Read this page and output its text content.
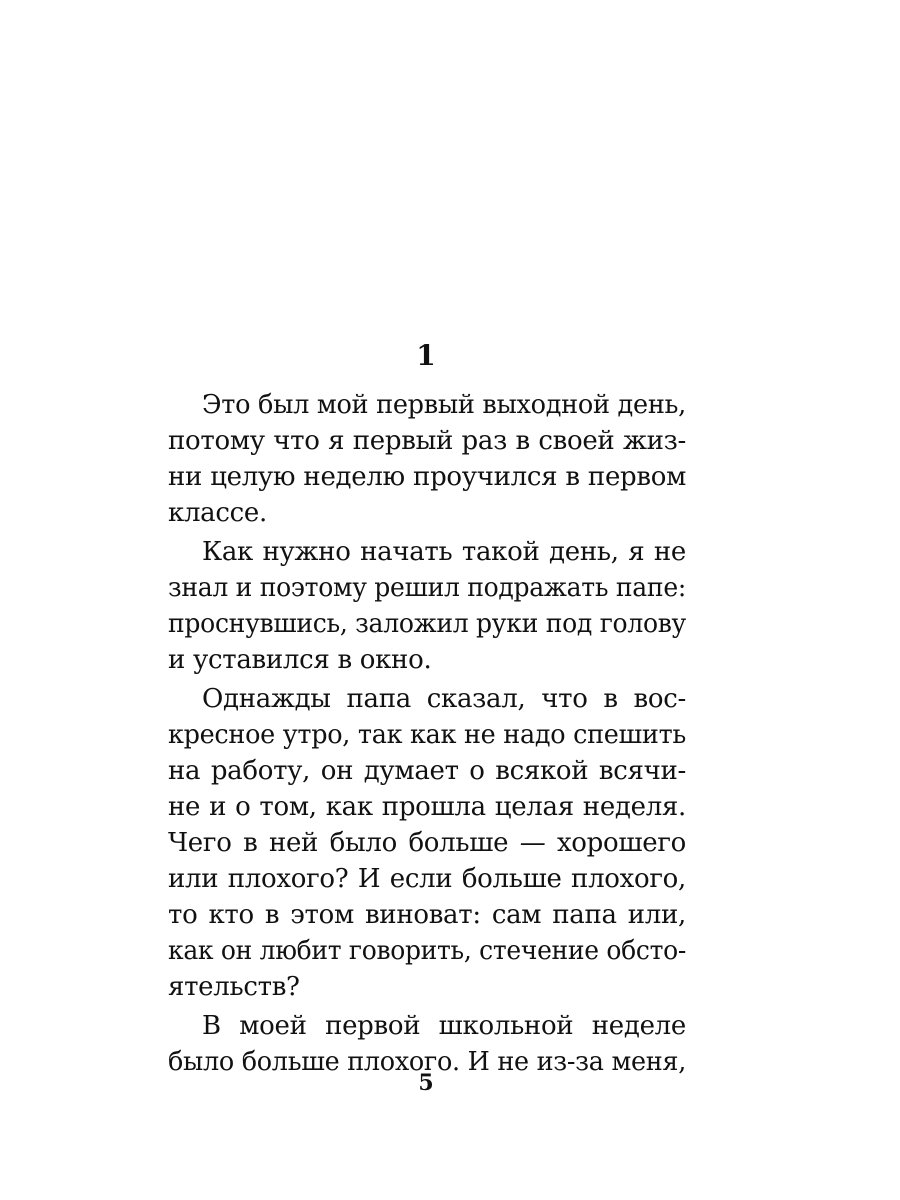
1
Это был мой первый выходной день,
потому что я первый раз в своей жиз-
ни целую неделю проучился в первом
классе.
Как нужно начать такой день, я не
знал и поэтому решил подражать папе:
проснувшись, заложил руки под голову
и уставился в окно.
Однажды папа сказал, что в вос-
кресное утро, так как не надо спешить
на работу, он думает о всякой всячи-
не и о том, как прошла целая неделя.
Чего в ней было больше — хорошего
или плохого? И если больше плохого,
то кто в этом виноват: сам папа или,
как он любит говорить, стечение обсто-
ятельств?
В моей первой школьной неделе
было больше плохого. И не из-за меня,
5
